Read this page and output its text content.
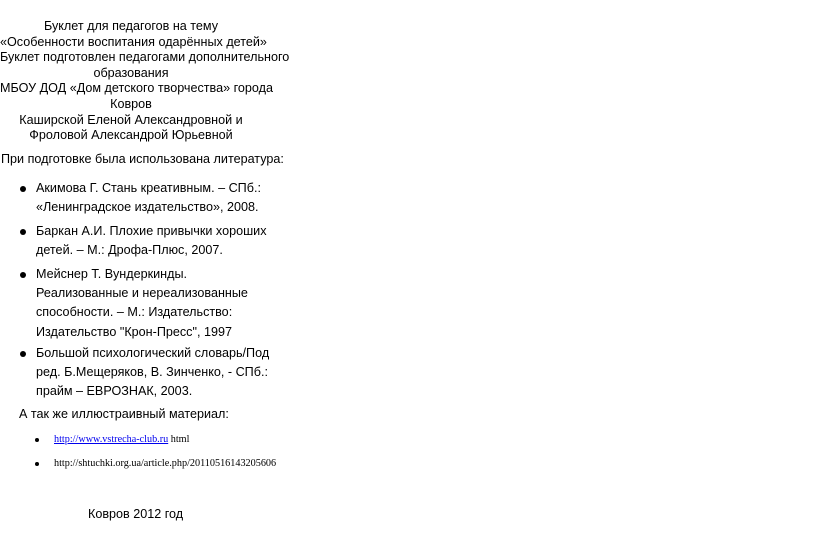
Буклет для педагогов на тему
«Особенности воспитания одарённых детей»
Буклет подготовлен педагогами дополнительного
образования
МБОУ ДОД «Дом детского творчества» города
Ковров
Каширской Еленой Александровной и
Фроловой Александрой Юрьевной
При подготовке была использована литература:
Акимова Г. Стань креативным. – СПб.:
«Ленинградское издательство», 2008.
Баркан А.И. Плохие привычки хороших
детей. – М.: Дрофа-Плюс, 2007.
Мейснер Т. Вундеркинды.
Реализованные и нереализованные
способности. – М.: Издательство:
Издательство "Крон-Пресс", 1997
Большой психологический словарь/Под
ред. Б.Мещеряков, В. Зинченко, - СПб.:
прайм – ЕВРОЗНАК, 2003.
А так же иллюстраивный материал:
http://www.vstrecha-club.ru html
http://shtuchki.org.ua/article.php/20110516143205606
Ковров 2012 год
